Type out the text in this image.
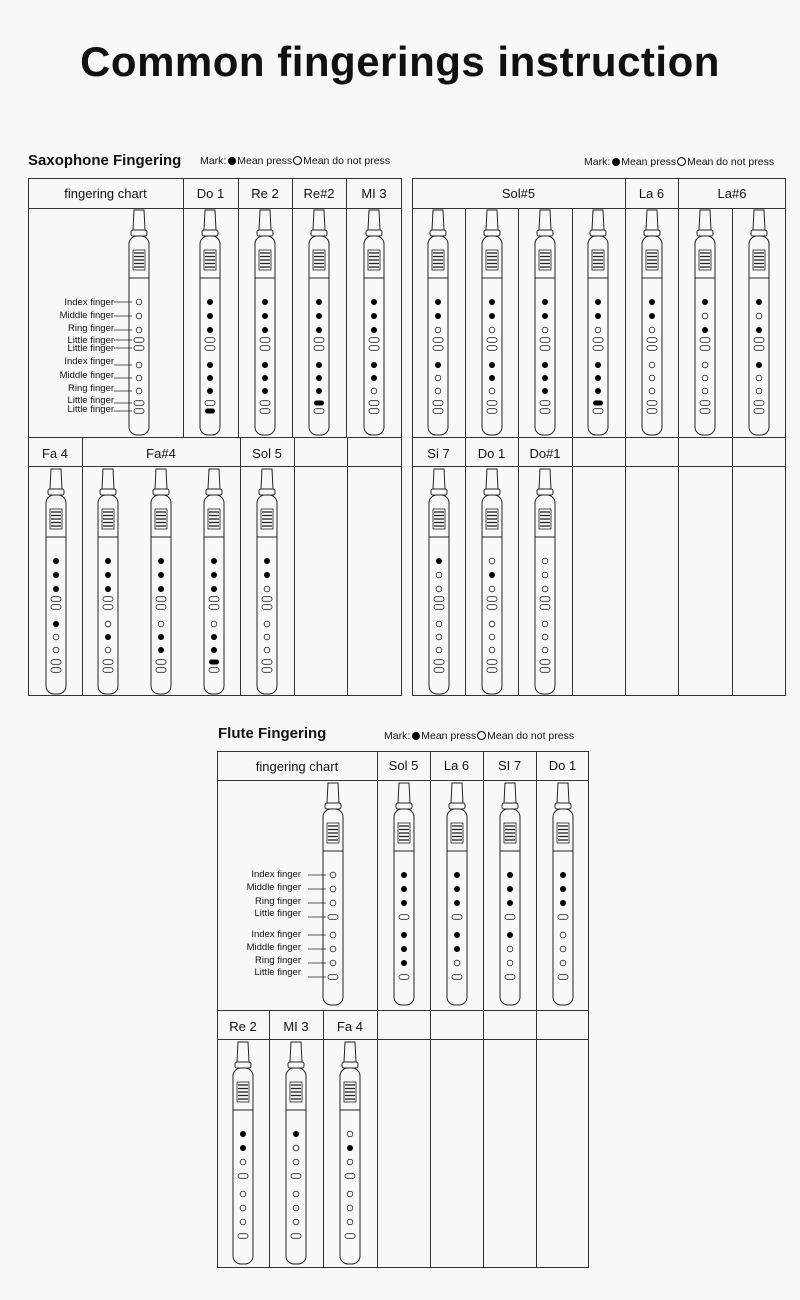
Common fingerings instruction
Saxophone Fingering Mark: Mean press Mean do not press	Mark: Mean press Mean do not press
fingering chart	Do 1	Re 2	Re#2	MI 3
Fa 4	Fa#4	Sol 5
Sol#5	La 6	La#6
Si 7	Do 1	Do#1
Index finger
Middle finger
Ring finger
Little finger
Little finger
Index finger
Middle finger
Ring finger
Little finger
Little finger
Flute Fingering	Mark: Mean press Mean do not press
fingering chart	Sol 5	La 6	SI 7	Do 1
Re 2	MI 3	Fa 4
Index finger
Middle finger
Ring finger
Little finger
Index finger
Middle finger
Ring finger
Little finger
